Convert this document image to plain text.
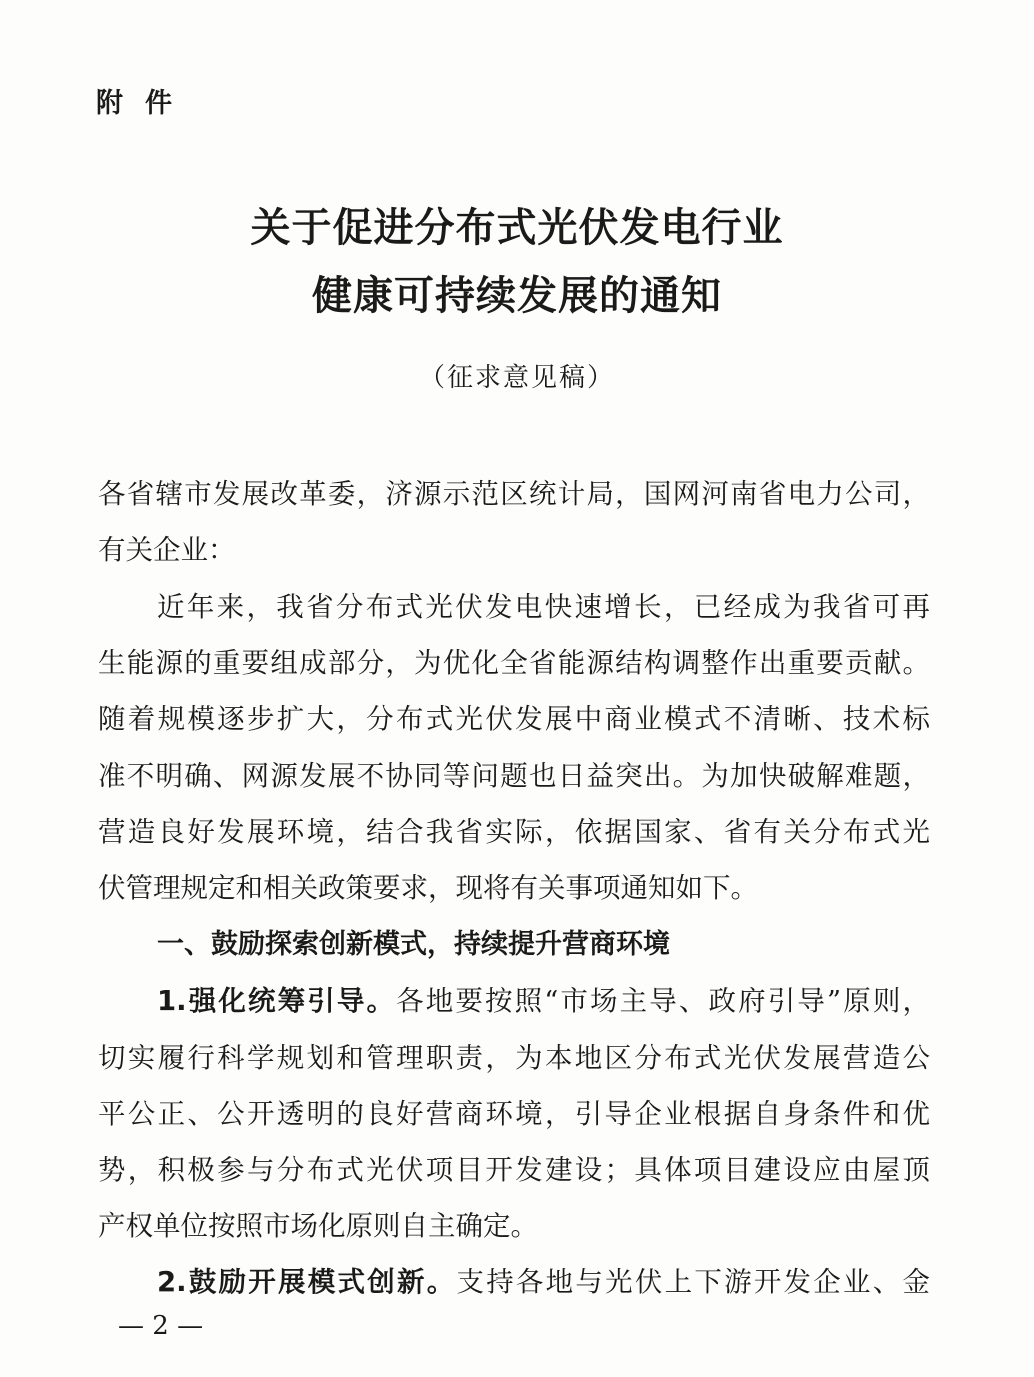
附件
关于促进分布式光伏发电行业
健康可持续发展的通知
（征求意见稿）
各省辖市发展改革委，济源示范区统计局，国网河南省电力公司，
有关企业：
近年来，我省分布式光伏发电快速增长，已经成为我省可再
生能源的重要组成部分，为优化全省能源结构调整作出重要贡献。
随着规模逐步扩大，分布式光伏发展中商业模式不清晰、技术标
准不明确、网源发展不协同等问题也日益突出。为加快破解难题，
营造良好发展环境，结合我省实际，依据国家、省有关分布式光
伏管理规定和相关政策要求，现将有关事项通知如下。
一、鼓励探索创新模式，持续提升营商环境
1.强化统筹引导。各地要按照“市场主导、政府引导”原则，
切实履行科学规划和管理职责，为本地区分布式光伏发展营造公
平公正、公开透明的良好营商环境，引导企业根据自身条件和优
势，积极参与分布式光伏项目开发建设；具体项目建设应由屋顶
产权单位按照市场化原则自主确定。
2.鼓励开展模式创新。支持各地与光伏上下游开发企业、金
— 2 —
